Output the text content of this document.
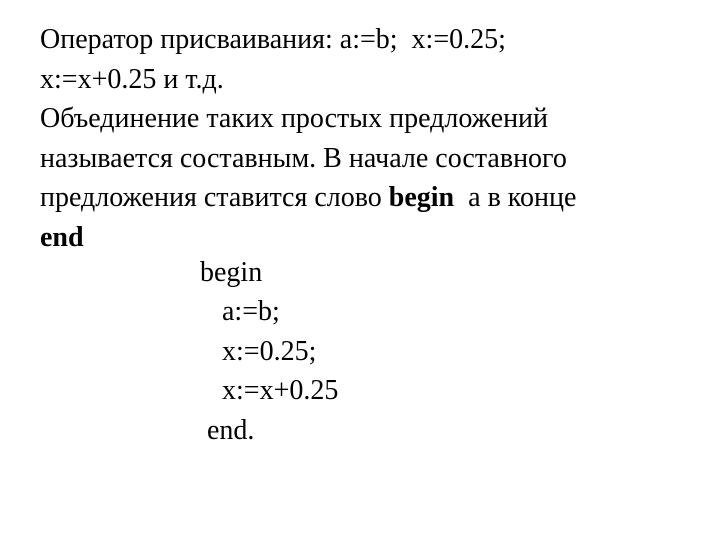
Оператор присваивания: a:=b;  x:=0.25;
x:=x+0.25 и т.д.
Объединение таких простых предложений
называется составным. В начале составного
предложения ставится слово begin  а в конце
end
begin
a:=b;
x:=0.25;
x:=x+0.25
end.
